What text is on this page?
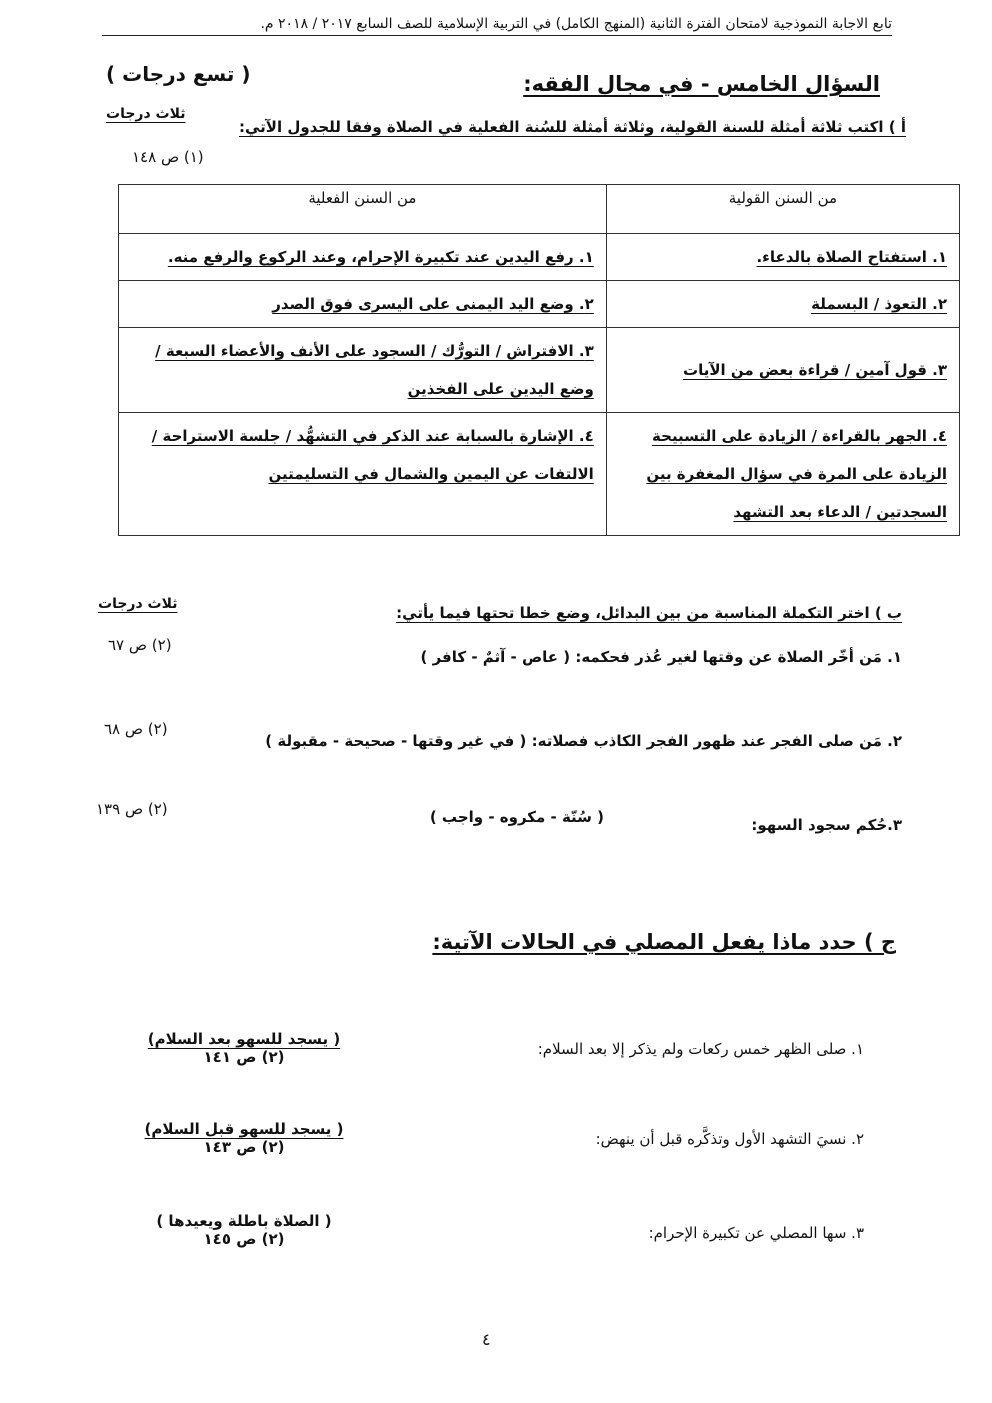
تابع الاجابة النموذجية لامتحان الفترة الثانية (المنهج الكامل) في التربية الإسلامية للصف السابع ٢٠١٧ / ٢٠١٨ م.
السؤال الخامس - في مجال الفقه:
( تسع درجات )
أ ) اكتب ثلاثة أمثلة للسنة القولية، وثلاثة أمثلة للسُنة الفعلية في الصلاة وفقا للجدول الآتي:
ثلاث درجات
(١) ص ١٤٨
من السنن القولية	من السنن الفعلية
١. استفتاح الصلاة بالدعاء.	١. رفع اليدين عند تكبيرة الإحرام، وعند الركوع والرفع منه.
٢. التعوذ / البسملة	٢. وضع اليد اليمنى على اليسرى فوق الصدر
٣. قول آمين / قراءة بعض من الآيات	٣. الافتراش / التورُّك / السجود على الأنف والأعضاء السبعة / وضع اليدين على الفخذين
٤. الجهر بالقراءة / الزيادة على التسبيحة الزيادة على المرة في سؤال المغفرة بين السجدتين / الدعاء بعد التشهد	٤. الإشارة بالسبابة عند الذكر في التشهُّد / جلسة الاستراحة / الالتفات عن اليمين والشمال في التسليمتين
ب ) اختر التكملة المناسبة من بين البدائل، وضع خطا تحتها فيما يأتي:
ثلاث درجات
١. مَن أخّر الصلاة عن وقتها لغير عُذر فحكمه: ( عاص - آثمٌ - كافر )
(٢) ص ٦٧
٢. مَن صلى الفجر عند ظهور الفجر الكاذب فصلاته: ( في غير وقتها - صحيحة - مقبولة )
(٢) ص ٦٨
٣.حُكم سجود السهو:
( سُنّة - مكروه - واجب )
(٢) ص ١٣٩
ج ) حدد ماذا يفعل المصلي في الحالات الآتية:
١. صلى الظهر خمس ركعات ولم يذكر إلا بعد السلام:
( يسجد للسهو بعد السلام)
(٢) ص ١٤١
٢. نسيَ التشهد الأول وتذكَّره قبل أن ينهض:
( يسجد للسهو قبل السلام)
(٢) ص ١٤٣
٣. سها المصلي عن تكبيرة الإحرام:
( الصلاة باطلة ويعيدها )
(٢) ص ١٤٥
٤
